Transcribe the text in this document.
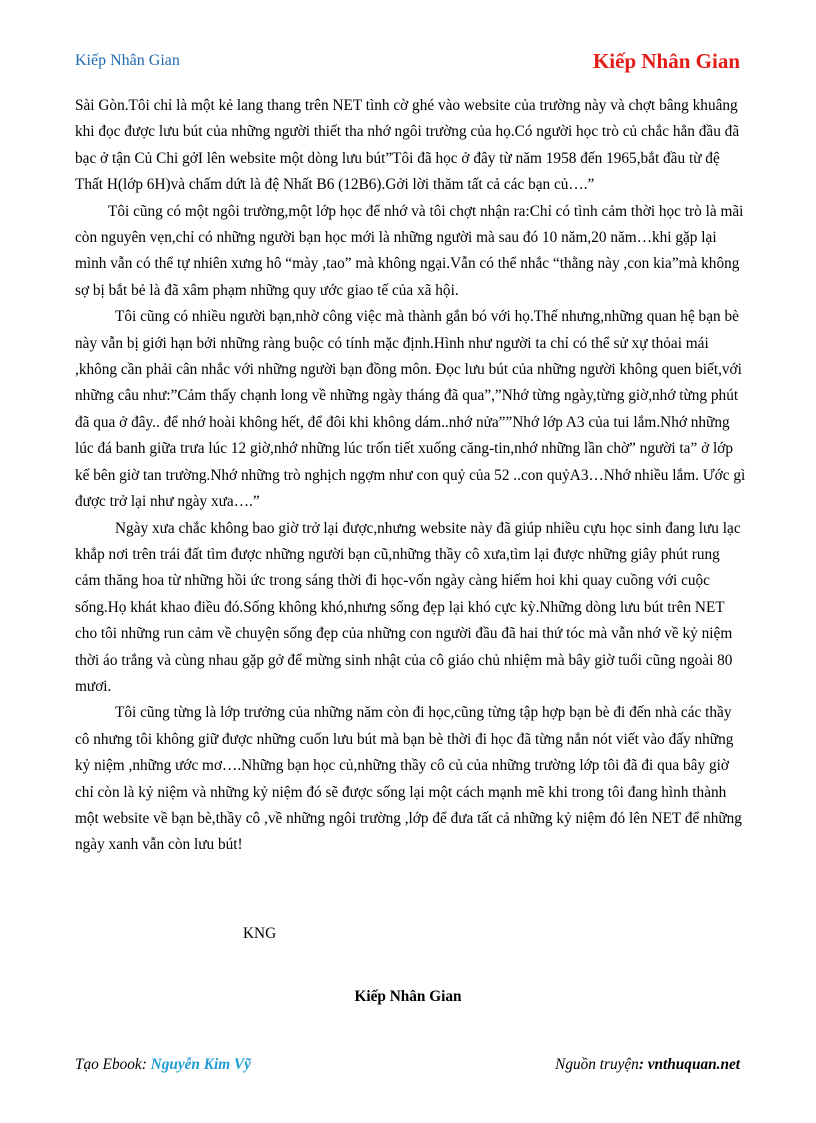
Kiếp Nhân Gian	Kiếp Nhân Gian

Sài Gòn.Tôi chỉ là một kẻ lang thang trên NET tình cờ ghé vào website của trường này và chợt bâng khuâng khi đọc được lưu bút của những người thiết tha nhớ ngôi trường của họ.Có người học trò củ chắc hẳn đầu đã bạc ở tận Củ Chi gởI lên website một dòng lưu bút”Tôi đã học ở đây từ năm 1958 đến 1965,bắt đầu từ đệ Thất H(lớp 6H)và chấm dứt là đệ Nhất B6 (12B6).Gởi lời thăm tất cả các bạn củ….”

Tôi cũng có một ngôi trường,một lớp học để nhớ và tôi chợt nhận ra:Chỉ có tình cảm thời học trò là mãi còn nguyên vẹn,chỉ có những người bạn học mới là những người mà sau đó 10 năm,20 năm…khi gặp lại mình vẫn có thể tự nhiên xưng hô “mày ,tao” mà không ngại.Vẫn có thể nhắc “thằng này ,con kia”mà không sợ bị bắt bẻ là đã xâm phạm những quy ước giao tế của xã hội.

Tôi cũng có nhiều người bạn,nhờ công việc mà thành gắn bó với họ.Thế nhưng,những quan hệ bạn bè này vẫn bị giới hạn bởi những ràng buộc có tính mặc định.Hình như người ta chỉ có thể sử xự thỏai mái ,không cần phải cân nhắc với những người bạn đồng môn. Đọc lưu bút của những người không quen biết,với những câu như:”Cảm thấy chạnh long về những ngày tháng đã qua”,”Nhớ từng ngày,từng giờ,nhớ từng phút đã qua ở đây.. để nhớ hoài không hết, để đôi khi không dám..nhớ nửa””Nhớ lớp A3 của tui lắm.Nhớ những lúc đá banh giữa trưa lúc 12 giờ,nhớ những lúc trốn tiết xuống căng-tin,nhớ những lần chờ” người ta” ở lớp kế bên giờ tan trường.Nhớ những trò nghịch ngợm như con quỷ của 52 ..con quỷA3…Nhớ nhiều lắm. Ước gì được trở lại như ngày xưa….”

Ngày xưa chắc không bao giờ trở lại được,nhưng website này đã giúp nhiều cựu học sinh đang lưu lạc khắp nơi trên trái đất tìm được những người bạn cũ,những thầy cô xưa,tìm lại được những giây phút rung cảm thăng hoa từ những hồi ức trong sáng thời đi học-vốn ngày càng hiếm hoi khi quay cuồng với cuộc sống.Họ khát khao điều đó.Sống không khó,nhưng sống đẹp lại khó cực kỳ.Những dòng lưu bút trên NET cho tôi những run cảm về chuyện sống đẹp của những con người đầu đã hai thứ tóc mà vẫn nhớ về kỷ niệm thời áo trắng và cùng nhau gặp gở để mừng sinh nhật của cô giáo chủ nhiệm mà bây giờ tuổi cũng ngoài 80 mươi.

Tôi cũng từng là lớp trưởng của những năm còn đi học,cũng từng tập hợp bạn bè đi đến nhà các thầy cô nhưng tôi không giữ được những cuốn lưu bút mà bạn bè thời đi học đã từng nắn nót viết vào đấy những kỷ niệm ,những ước mơ….Những bạn học củ,những thầy cô củ của những trường lớp tôi đã đi qua bây giờ chỉ còn là kỷ niệm và những kỷ niệm đó sẽ được sống lại một cách mạnh mẽ khi trong tôi đang hình thành một website về bạn bè,thầy cô ,về những ngôi trường ,lớp để đưa tất cả những kỷ niệm đó lên NET để những ngày xanh vẫn còn lưu bút!

KNG
Kiếp Nhân Gian
Tạo Ebook: Nguyễn Kim Vỹ	Nguồn truyện: vnthuquan.net
